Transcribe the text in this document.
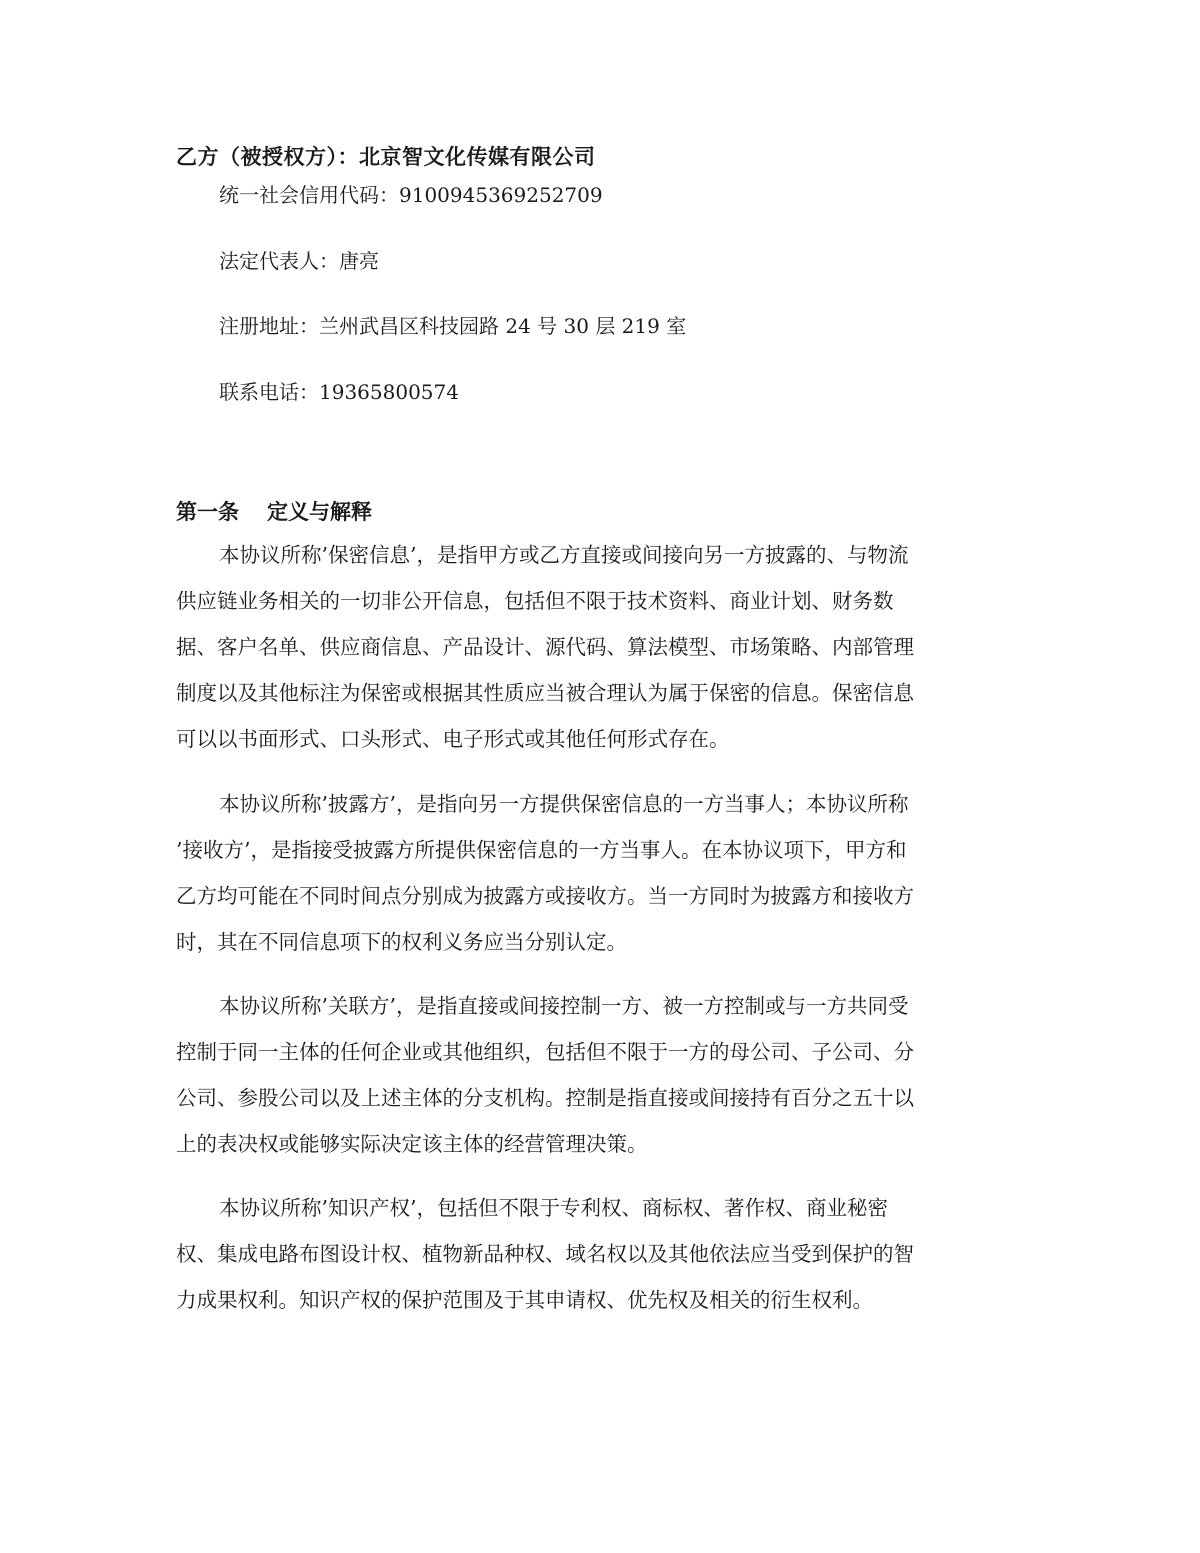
乙方（被授权方）：北京智文化传媒有限公司
统一社会信用代码：9100945369252709
法定代表人：唐亮
注册地址：兰州武昌区科技园路 24 号 30 层 219 室
联系电话：19365800574
第一条 定义与解释
本协议所称’保密信息’，是指甲方或乙方直接或间接向另一方披露的、与物流
供应链业务相关的一切非公开信息，包括但不限于技术资料、商业计划、财务数
据、客户名单、供应商信息、产品设计、源代码、算法模型、市场策略、内部管理
制度以及其他标注为保密或根据其性质应当被合理认为属于保密的信息。保密信息
可以以书面形式、口头形式、电子形式或其他任何形式存在。
本协议所称’披露方’，是指向另一方提供保密信息的一方当事人；本协议所称
’接收方’，是指接受披露方所提供保密信息的一方当事人。在本协议项下，甲方和
乙方均可能在不同时间点分别成为披露方或接收方。当一方同时为披露方和接收方
时，其在不同信息项下的权利义务应当分别认定。
本协议所称’关联方’，是指直接或间接控制一方、被一方控制或与一方共同受
控制于同一主体的任何企业或其他组织，包括但不限于一方的母公司、子公司、分
公司、参股公司以及上述主体的分支机构。控制是指直接或间接持有百分之五十以
上的表决权或能够实际决定该主体的经营管理决策。
本协议所称’知识产权’，包括但不限于专利权、商标权、著作权、商业秘密
权、集成电路布图设计权、植物新品种权、域名权以及其他依法应当受到保护的智
力成果权利。知识产权的保护范围及于其申请权、优先权及相关的衍生权利。
